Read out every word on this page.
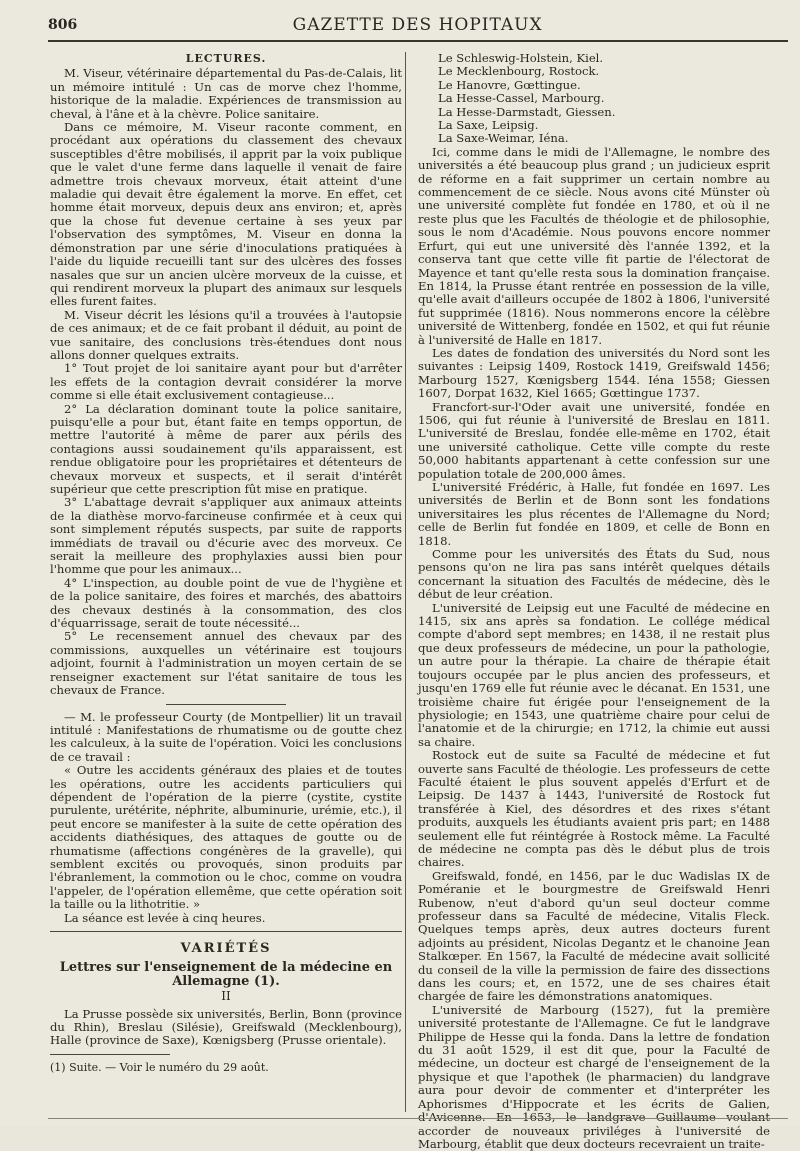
806	GAZETTE DES HOPITAUX

LECTURES.

M. Viseur, vétérinaire départemental du Pas-de-Calais, lit un mémoire intitulé : Un cas de morve chez l'homme, historique de la maladie. Expériences de transmission au cheval, à l'âne et à la chèvre. Police sanitaire.

Dans ce mémoire, M. Viseur raconte comment, en procédant aux opérations du classement des chevaux susceptibles d'être mobilisés, il apprit par la voix publique que le valet d'une ferme dans laquelle il venait de faire admettre trois chevaux morveux, était atteint d'une maladie qui devait être également la morve. En effet, cet homme était morveux, depuis deux ans environ; et, après que la chose fut devenue certaine à ses yeux par l'observation des symptômes, M. Viseur en donna la démonstration par une série d'inoculations pratiquées à l'aide du liquide recueilli tant sur des ulcères des fosses nasales que sur un ancien ulcère morveux de la cuisse, et qui rendirent morveux la plupart des animaux sur lesquels elles furent faites.

M. Viseur décrit les lésions qu'il a trouvées à l'autopsie de ces animaux; et de ce fait probant il déduit, au point de vue sanitaire, des conclusions très-étendues dont nous allons donner quelques extraits.

1° Tout projet de loi sanitaire ayant pour but d'arrêter les effets de la contagion devrait considérer la morve comme si elle était exclusivement contagieuse...

2° La déclaration dominant toute la police sanitaire, puisqu'elle a pour but, étant faite en temps opportun, de mettre l'autorité à même de parer aux périls des contagions aussi soudainement qu'ils apparaissent, est rendue obligatoire pour les propriétaires et détenteurs de chevaux morveux et suspects, et il serait d'intérêt supérieur que cette prescription fût mise en pratique.

3° L'abattage devrait s'appliquer aux animaux atteints de la diathèse morvo-farcineuse confirmée et à ceux qui sont simplement réputés suspects, par suite de rapports immédiats de travail ou d'écurie avec des morveux. Ce serait la meilleure des prophylaxies aussi bien pour l'homme que pour les animaux...

4° L'inspection, au double point de vue de l'hygiène et de la police sanitaire, des foires et marchés, des abattoirs des chevaux destinés à la consommation, des clos d'équarrissage, serait de toute nécessité...

5° Le recensement annuel des chevaux par des commissions, auxquelles un vétérinaire est toujours adjoint, fournit à l'administration un moyen certain de se renseigner exactement sur l'état sanitaire de tous les chevaux de France.

— M. le professeur Courty (de Montpellier) lit un travail intitulé : Manifestations de rhumatisme ou de goutte chez les calculeux, à la suite de l'opération. Voici les conclusions de ce travail :

« Outre les accidents généraux des plaies et de toutes les opérations, outre les accidents particuliers qui dépendent de l'opération de la pierre (cystite, cystite purulente, urétérite, néphrite, albuminurie, urémie, etc.), il peut encore se manifester à la suite de cette opération des accidents diathésiques, des attaques de goutte ou de rhumatisme (affections congénères de la gravelle), qui semblent excités ou provoqués, sinon produits par l'ébranlement, la commotion ou le choc, comme on voudra l'appeler, de l'opération ellemême, que cette opération soit la taille ou la lithotritie. »

La séance est levée à cinq heures.

VARIÉTÉS

Lettres sur l'enseignement de la médecine en Allemagne (1).

II

La Prusse possède six universités, Berlin, Bonn (province du Rhin), Breslau (Silésie), Greifswald (Mecklenbourg), Halle (province de Saxe), Kœnigsberg (Prusse orientale).

(1) Suite. — Voir le numéro du 29 août.

Le Schleswig-Holstein, Kiel.

Le Mecklenbourg, Rostock.

Le Hanovre, Gœttingue.

La Hesse-Cassel, Marbourg.

La Hesse-Darmstadt, Giessen.

La Saxe, Leipsig.

La Saxe-Weimar, Iéna.

Ici, comme dans le midi de l'Allemagne, le nombre des universités a été beaucoup plus grand ; un judicieux esprit de réforme en a fait supprimer un certain nombre au commencement de ce siècle. Nous avons cité Münster où une université complète fut fondée en 1780, et où il ne reste plus que les Facultés de théologie et de philosophie, sous le nom d'Académie. Nous pouvons encore nommer Erfurt, qui eut une université dès l'année 1392, et la conserva tant que cette ville fit partie de l'électorat de Mayence et tant qu'elle resta sous la domination française. En 1814, la Prusse étant rentrée en possession de la ville, qu'elle avait d'ailleurs occupée de 1802 à 1806, l'université fut supprimée (1816). Nous nommerons encore la célèbre université de Wittenberg, fondée en 1502, et qui fut réunie à l'université de Halle en 1817.

Les dates de fondation des universités du Nord sont les suivantes : Leipsig 1409, Rostock 1419, Greifswald 1456; Marbourg 1527, Kœnigsberg 1544. Iéna 1558; Giessen 1607, Dorpat 1632, Kiel 1665; Gœttingue 1737.

Francfort-sur-l'Oder avait une université, fondée en 1506, qui fut réunie à l'université de Breslau en 1811. L'université de Breslau, fondée elle-même en 1702, était une université catholique. Cette ville compte du reste 50,000 habitants appartenant à cette confession sur une population totale de 200,000 âmes.

L'université Frédéric, à Halle, fut fondée en 1697. Les universités de Berlin et de Bonn sont les fondations universitaires les plus récentes de l'Allemagne du Nord; celle de Berlin fut fondée en 1809, et celle de Bonn en 1818.

Comme pour les universités des États du Sud, nous pensons qu'on ne lira pas sans intérêt quelques détails concernant la situation des Facultés de médecine, dès le début de leur création.

L'université de Leipsig eut une Faculté de médecine en 1415, six ans après sa fondation. Le collége médical compte d'abord sept membres; en 1438, il ne restait plus que deux professeurs de médecine, un pour la pathologie, un autre pour la thérapie. La chaire de thérapie était toujours occupée par le plus ancien des professeurs, et jusqu'en 1769 elle fut réunie avec le décanat. En 1531, une troisième chaire fut érigée pour l'enseignement de la physiologie; en 1543, une quatrième chaire pour celui de l'anatomie et de la chirurgie; en 1712, la chimie eut aussi sa chaire.

Rostock eut de suite sa Faculté de médecine et fut ouverte sans Faculté de théologie. Les professeurs de cette Faculté étaient le plus souvent appelés d'Erfurt et de Leipsig. De 1437 à 1443, l'université de Rostock fut transférée à Kiel, des désordres et des rixes s'étant produits, auxquels les étudiants avaient pris part; en 1488 seulement elle fut réintégrée à Rostock même. La Faculté de médecine ne compta pas dès le début plus de trois chaires.

Greifswald, fondé, en 1456, par le duc Wadislas IX de Poméranie et le bourgmestre de Greifswald Henri Rubenow, n'eut d'abord qu'un seul docteur comme professeur dans sa Faculté de médecine, Vitalis Fleck. Quelques temps après, deux autres docteurs furent adjoints au président, Nicolas Degantz et le chanoine Jean Stalkœper. En 1567, la Faculté de médecine avait sollicité du conseil de la ville la permission de faire des dissections dans les cours; et, en 1572, une de ses chaires était chargée de faire les démonstrations anatomiques.

L'université de Marbourg (1527), fut la première université protestante de l'Allemagne. Ce fut le landgrave Philippe de Hesse qui la fonda. Dans la lettre de fondation du 31 août 1529, il est dit que, pour la Faculté de médecine, un docteur est chargé de l'enseignement de la physique et que l'apothek (le pharmacien) du landgrave aura pour devoir de commenter et d'interpréter les Aphorismes d'Hippocrate et les écrits de Galien, d'Avicenne. En 1653, le landgrave Guillaume voulant accorder de nouveaux priviléges à l'université de Marbourg, établit que deux docteurs recevraient un traite-
